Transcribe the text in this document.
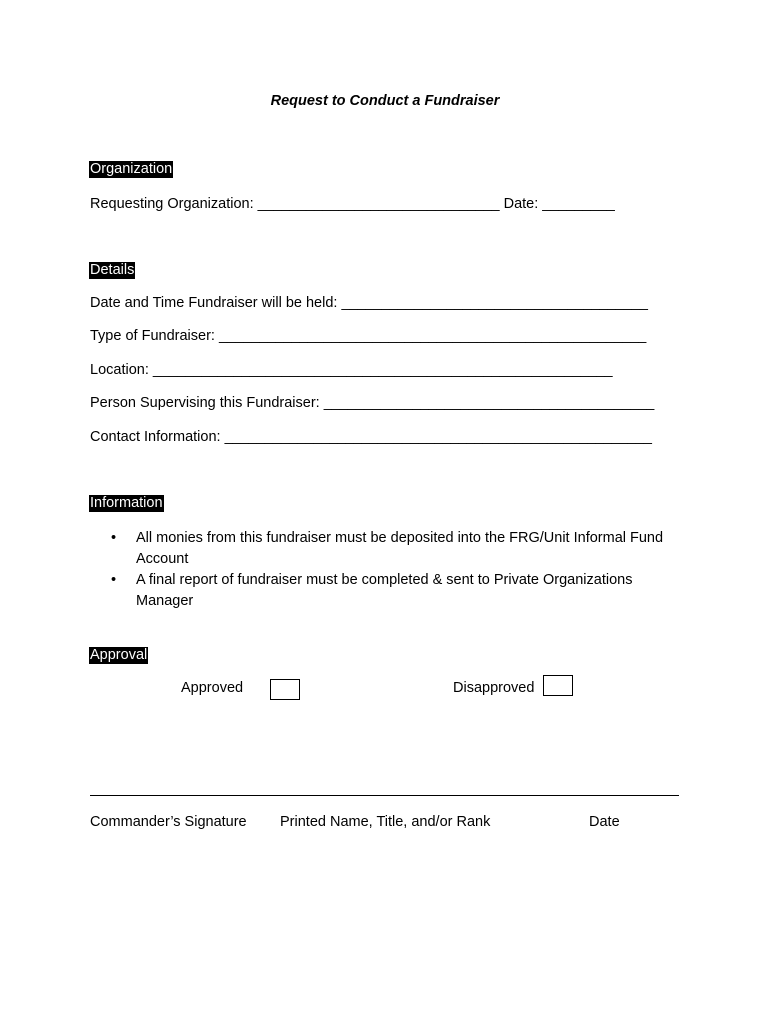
Request to Conduct a Fundraiser
Organization
Requesting Organization: ______________________________ Date: _________
Details
Date and Time Fundraiser will be held: ______________________________________
Type of Fundraiser: _____________________________________________________
Location: _________________________________________________________
Person Supervising this Fundraiser: _________________________________________
Contact Information: _____________________________________________________
Information
• All monies from this fundraiser must be deposited into the FRG/Unit Informal Fund Account
• A final report of fundraiser must be completed & sent to Private Organizations Manager
Approval
Approved	Disapproved
Commander’s Signature Printed Name, Title, and/or Rank	Date
